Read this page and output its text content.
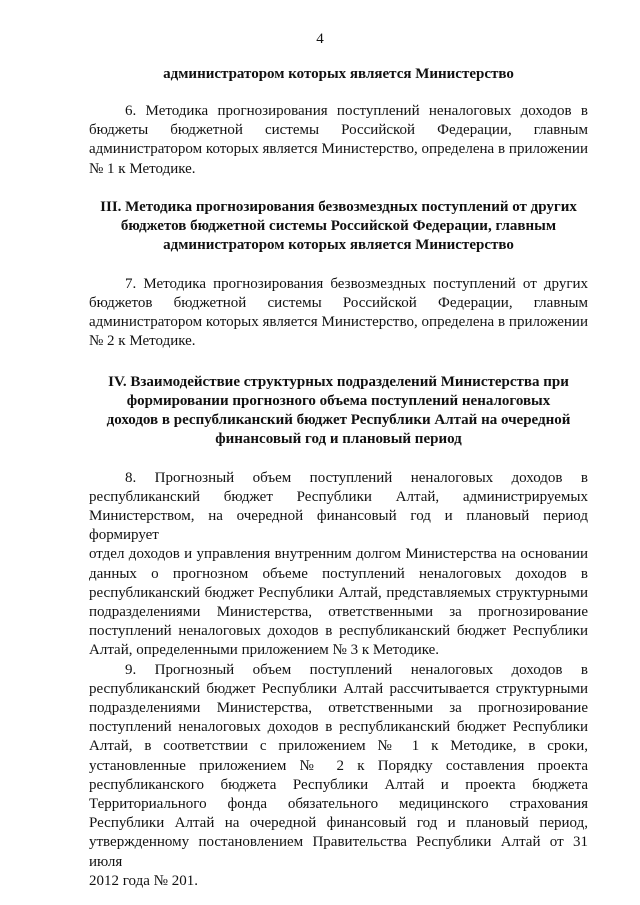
4

администратором которых является Министерство

6. Методика прогнозирования поступлений неналоговых доходов в
бюджеты бюджетной системы Российской Федерации, главным
администратором которых является Министерство, определена в приложении
№ 1 к Методике.

III. Методика прогнозирования безвозмездных поступлений от других
бюджетов бюджетной системы Российской Федерации, главным
администратором которых является Министерство

7. Методика прогнозирования безвозмездных поступлений от других
бюджетов бюджетной системы Российской Федерации, главным
администратором которых является Министерство, определена в приложении
№ 2 к Методике.

IV. Взаимодействие структурных подразделений Министерства при
формировании прогнозного объема поступлений неналоговых
доходов в республиканский бюджет Республики Алтай на очередной
финансовый год и плановый период

8. Прогнозный объем поступлений неналоговых доходов в
республиканский бюджет Республики Алтай, администрируемых
Министерством, на очередной финансовый год и плановый период формирует
отдел доходов и управления внутренним долгом Министерства на основании
данных о прогнозном объеме поступлений неналоговых доходов в
республиканский бюджет Республики Алтай, представляемых структурными
подразделениями Министерства, ответственными за прогнозирование
поступлений неналоговых доходов в республиканский бюджет Республики
Алтай, определенными приложением № 3 к Методике.

9. Прогнозный объем поступлений неналоговых доходов в
республиканский бюджет Республики Алтай рассчитывается структурными
подразделениями Министерства, ответственными за прогнозирование
поступлений неналоговых доходов в республиканский бюджет Республики
Алтай, в соответствии с приложением № 1 к Методике, в сроки,
установленные приложением № 2 к Порядку составления проекта
республиканского бюджета Республики Алтай и проекта бюджета
Территориального фонда обязательного медицинского страхования
Республики Алтай на очередной финансовый год и плановый период,
утвержденному постановлением Правительства Республики Алтай от 31 июля
2012 года № 201.
